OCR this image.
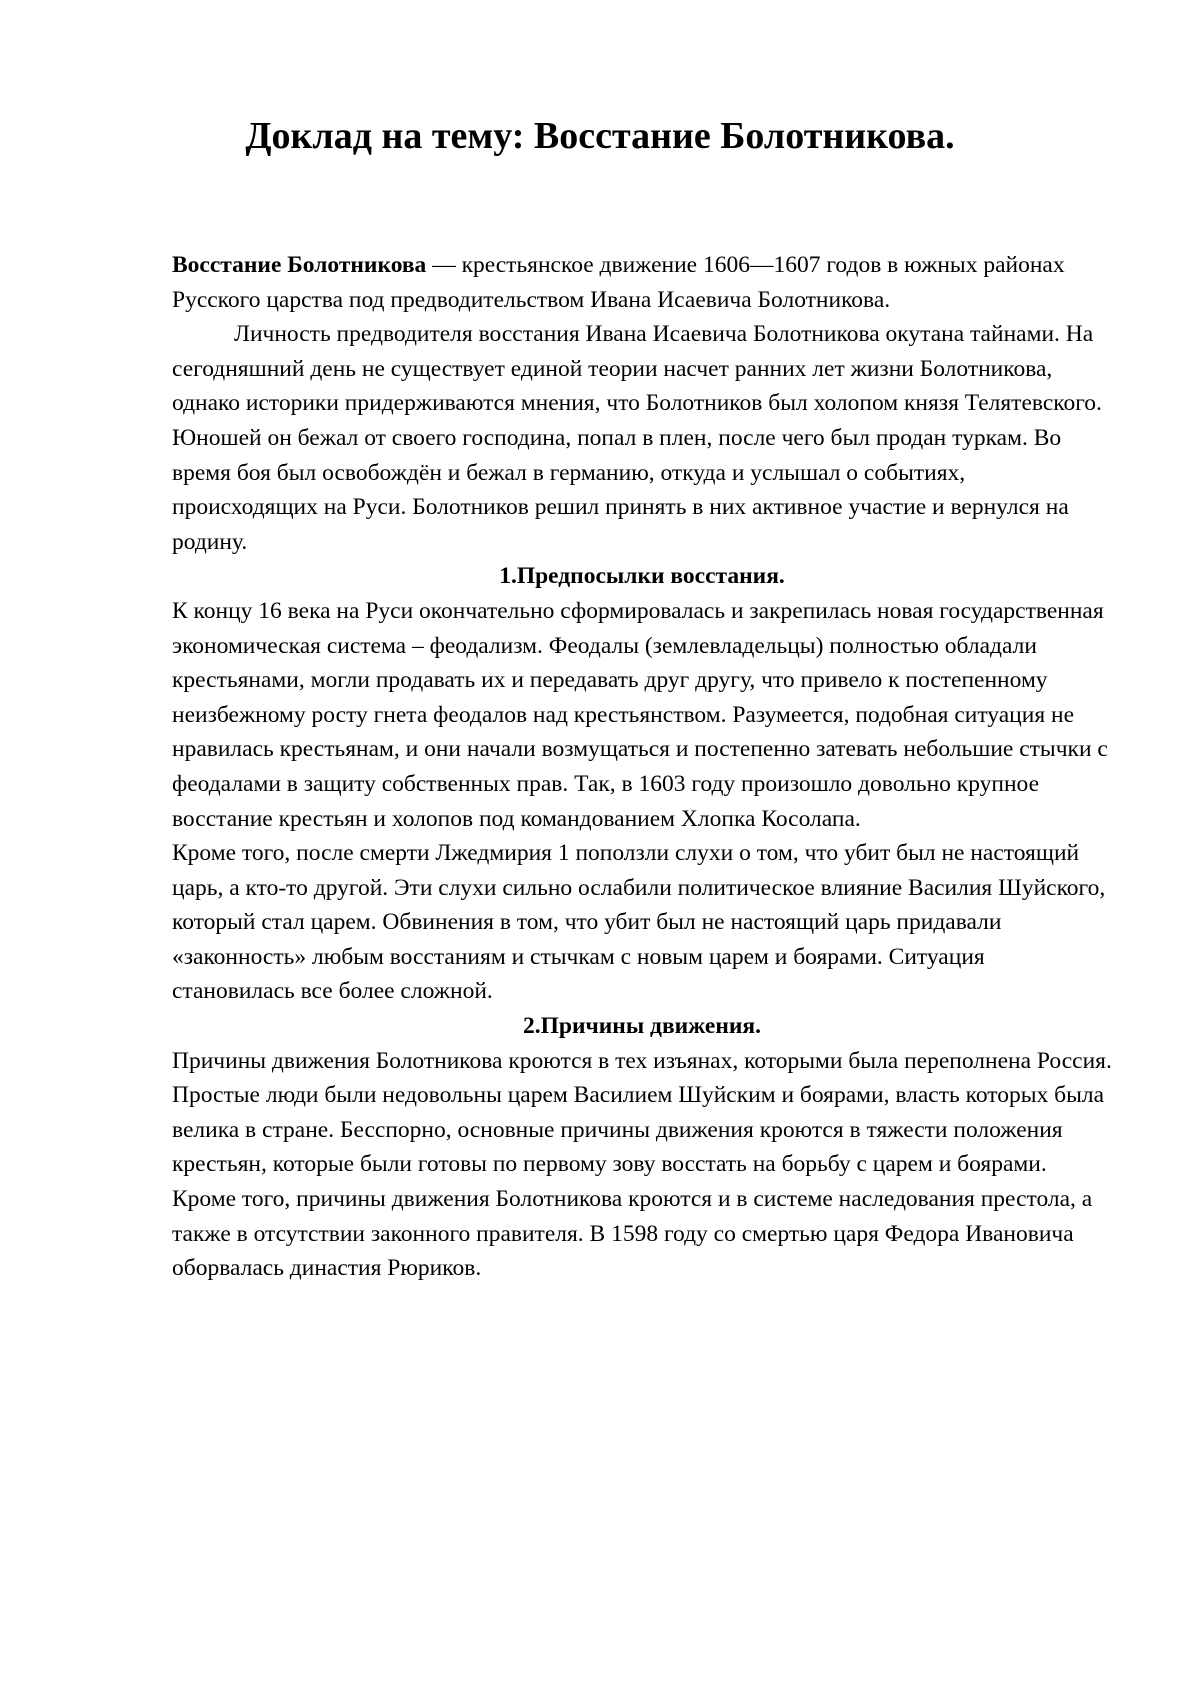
Доклад на тему: Восстание Болотникова.

Восстание Болотникова — крестьянское движение 1606—1607 годов в южных районах Русского царства под предводительством Ивана Исаевича Болотникова.

Личность предводителя восстания Ивана Исаевича Болотникова окутана тайнами. На сегодняшний день не существует единой теории насчет ранних лет жизни Болотникова, однако историки придерживаются мнения, что Болотников был холопом князя Телятевского. Юношей он бежал от своего господина, попал в плен, после чего был продан туркам. Во время боя был освобождён и бежал в германию, откуда и услышал о событиях, происходящих на Руси. Болотников решил принять в них активное участие и вернулся на родину.

1.Предпосылки восстания.

К концу 16 века на Руси окончательно сформировалась и закрепилась новая государственная экономическая система – феодализм. Феодалы (землевладельцы) полностью обладали крестьянами, могли продавать их и передавать друг другу, что привело к постепенному неизбежному росту гнета феодалов над крестьянством. Разумеется, подобная ситуация не нравилась крестьянам, и они начали возмущаться и постепенно затевать небольшие стычки с феодалами в защиту собственных прав. Так, в 1603 году произошло довольно крупное восстание крестьян и холопов под командованием Хлопка Косолапа.

Кроме того, после смерти Лжедмирия 1 поползли слухи о том, что убит был не настоящий царь, а кто-то другой. Эти слухи сильно ослабили политическое влияние Василия Шуйского, который стал царем. Обвинения в том, что убит был не настоящий царь придавали «законность» любым восстаниям и стычкам с новым царем и боярами. Ситуация становилась все более сложной.

2.Причины движения.

Причины движения Болотникова кроются в тех изъянах, которыми была переполнена Россия. Простые люди были недовольны царем Василием Шуйским и боярами, власть которых была велика в стране. Бесспорно, основные причины движения кроются в тяжести положения крестьян, которые были готовы по первому зову восстать на борьбу с царем и боярами. Кроме того, причины движения Болотникова кроются и в системе наследования престола, а также в отсутствии законного правителя. В 1598 году со смертью царя Федора Ивановича оборвалась династия Рюриков.
